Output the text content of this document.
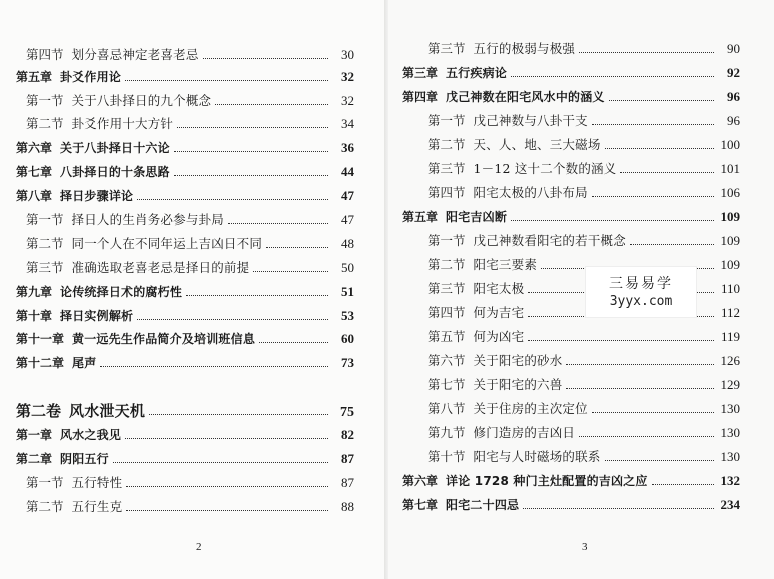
第四节 划分喜忌神定老喜老忌	30
第五章 卦爻作用论	32
第一节 关于八卦择日的九个概念	32
第二节 卦爻作用十大方针	34
第六章 关于八卦择日十六论	36
第七章 八卦择日的十条思路	44
第八章 择日步骤详论	47
第一节 择日人的生肖务必参与卦局	47
第二节 同一个人在不同年运上吉凶日不同	48
第三节 准确选取老喜老忌是择日的前提	50
第九章 论传统择日术的腐朽性	51
第十章 择日实例解析	53
第十一章 黄一远先生作品简介及培训班信息	60
第十二章 尾声	73
第二卷 风水泄天机	75
第一章 风水之我见	82
第二章 阴阳五行	87
第一节 五行特性	87
第二节 五行生克	88
2
第三节 五行的极弱与极强	90
第三章 五行疾病论	92
第四章 戊己神数在阳宅风水中的涵义	96
第一节 戊己神数与八卦干支	96
第二节 天、人、地、三大磁场	100
第三节 1－12 这十二个数的涵义	101
第四节 阳宅太极的八卦布局	106
第五章 阳宅吉凶断	109
第一节 戊己神数看阳宅的若干概念	109
第二节 阳宅三要素	109
第三节 阳宅太极	110
第四节 何为吉宅	112
第五节 何为凶宅	119
第六节 关于阳宅的砂水	126
第七节 关于阳宅的六兽	129
第八节 关于住房的主次定位	130
第九节 修门造房的吉凶日	130
第十节 阳宅与人时磁场的联系	130
第六章 详论 1728 种门主灶配置的吉凶之应	132
第七章 阳宅二十四忌	234
3
三易易学
3yyx.com
